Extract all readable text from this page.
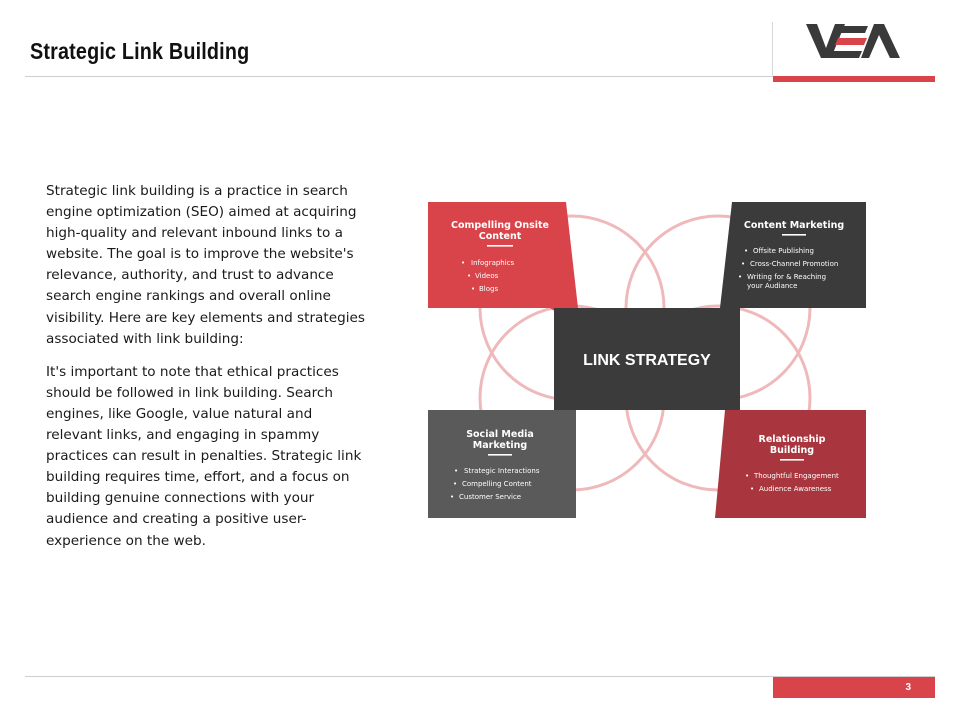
Strategic Link Building

Strategic link building is a practice in search engine optimization (SEO) aimed at acquiring high-quality and relevant inbound links to a website. The goal is to improve the website's relevance, authority, and trust to advance search engine rankings and overall online visibility. Here are key elements and strategies associated with link building:

It's important to note that ethical practices should be followed in link building. Search engines, like Google, value natural and relevant links, and engaging in spammy practices can result in penalties. Strategic link building requires time, effort, and a focus on building genuine connections with your audience and creating a positive user-experience on the web.

LINK STRATEGY
Compelling Onsite
Content
• Infographics
• Videos
• Blogs
Content Marketing
• Offsite Publishing
• Cross-Channel Promotion
• Writing for & Reaching
your Audiance
Social Media
Marketing
• Strategic Interactions
• Compelling Content
• Customer Service
Relationship
Building
• Thoughtful Engagement
• Audience Awareness
3
